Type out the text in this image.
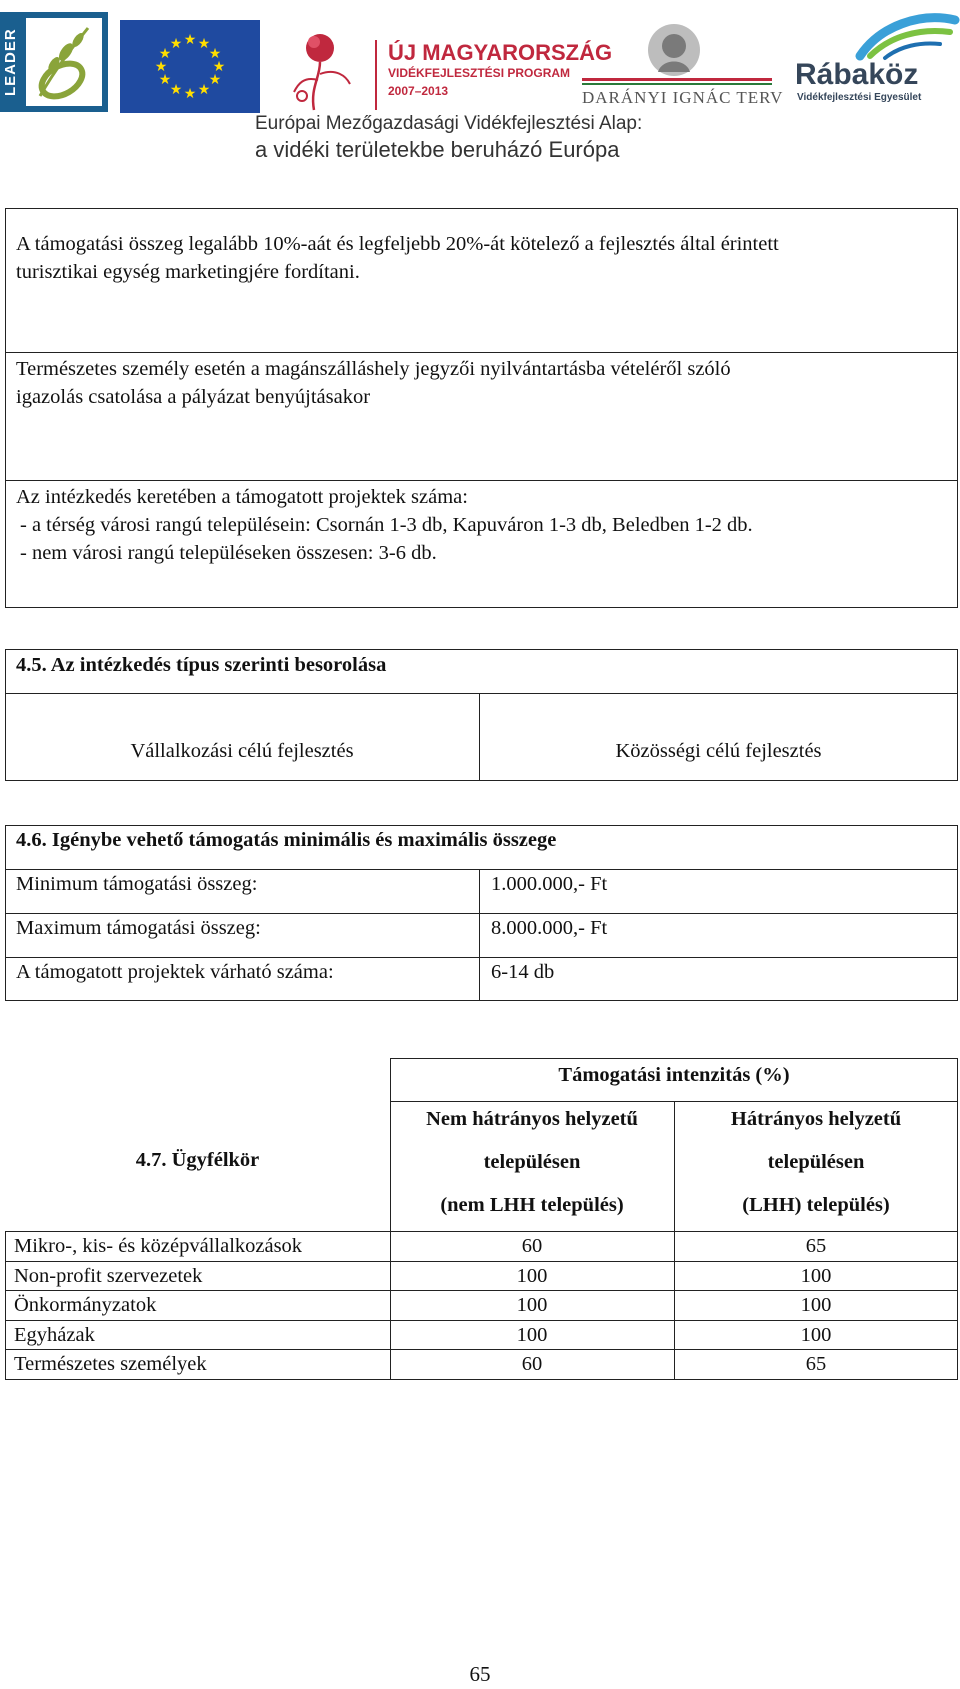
LEADER	★ ★
★
★
★
★
★
★
★
★
★
★	ÚJ MAGYARORSZÁG
VIDÉKFEJLESZTÉSI PROGRAM
2007–2013	DARÁNYI IGNÁC TERV
Rábaköz
Vidékfejlesztési Egyesület
Európai Mezőgazdasági Vidékfejlesztési Alap:
a vidéki területekbe beruházó Európa
A támogatási összeg legalább 10%-aát és legfeljebb 20%-át kötelező a fejlesztés által érintett
turisztikai egység marketingjére fordítani.
Természetes személy esetén a magánszálláshely jegyzői nyilvántartásba vételéről szóló
igazolás csatolása a pályázat benyújtásakor
Az intézkedés keretében a támogatott projektek száma:
- a térség városi rangú településein: Csornán 1-3 db, Kapuváron 1-3 db, Beledben 1-2 db.
- nem városi rangú településeken összesen: 3-6 db.
4.5. Az intézkedés típus szerinti besorolása
Vállalkozási célú fejlesztés	Közösségi célú fejlesztés
4.6. Igénybe vehető támogatás minimális és maximális összege
Minimum támogatási összeg:	1.000.000,- Ft
Maximum támogatási összeg:	8.000.000,- Ft
A támogatott projektek várható száma:	6-14 db
4.7. Ügyfélkör
Támogatási intenzitás (%)
Nem hátrányos helyzetű
településen
(nem LHH település)
Hátrányos helyzetű
településen
(LHH) település)
Mikro-, kis- és középvállalkozások	60	65
Non-profit szervezetek	100	100
Önkormányzatok	100	100
Egyházak	100	100
Természetes személyek	60	65
65
